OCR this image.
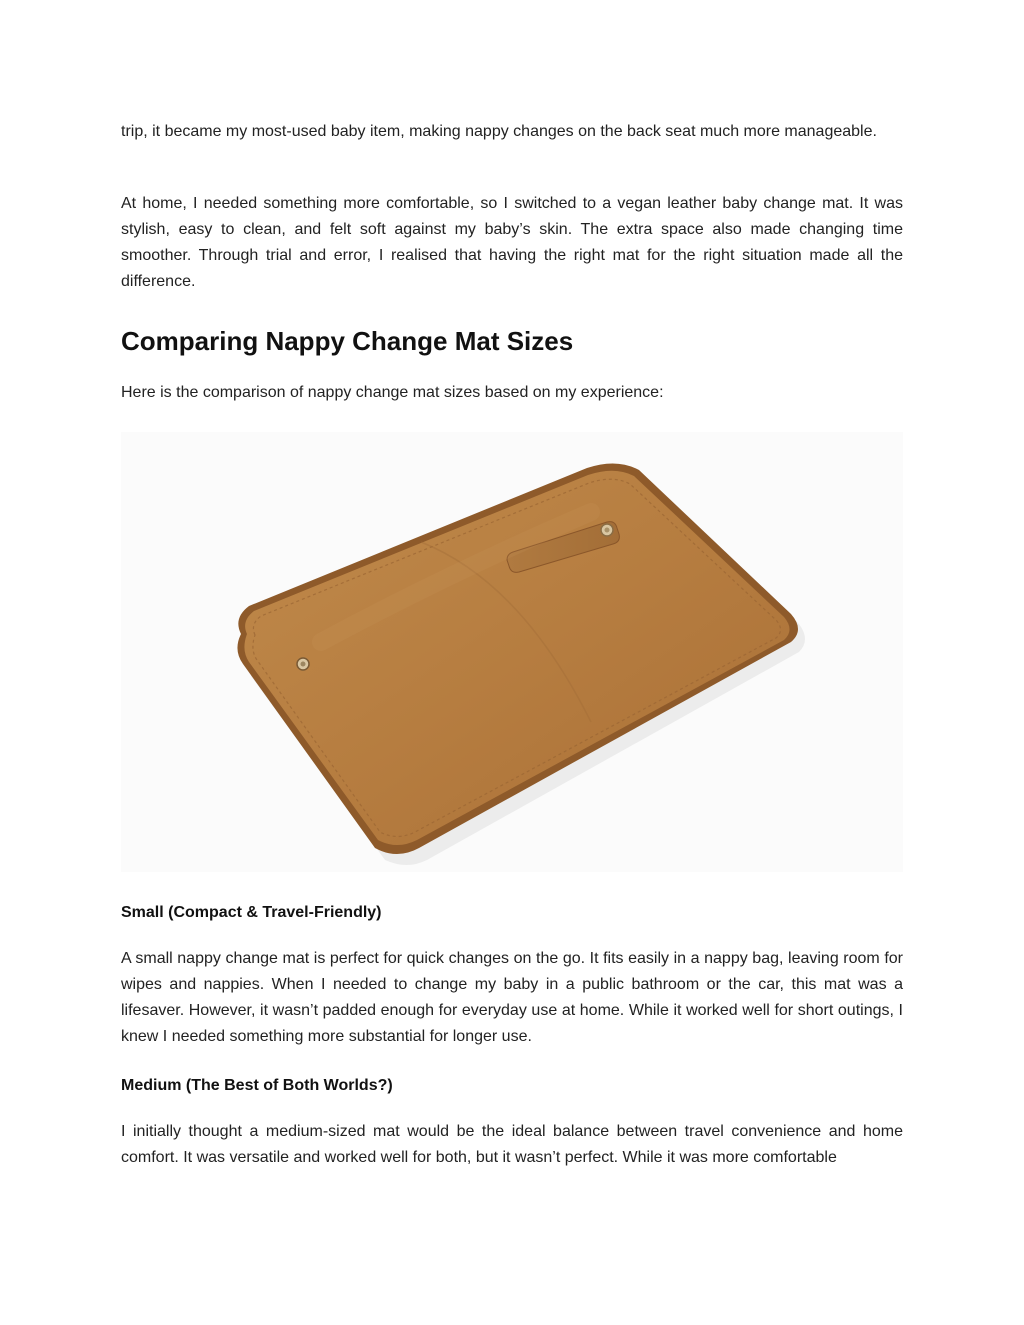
trip, it became my most-used baby item, making nappy changes on the back seat much more manageable.

At home, I needed something more comfortable, so I switched to a vegan leather baby change mat. It was stylish, easy to clean, and felt soft against my baby’s skin. The extra space also made changing time smoother. Through trial and error, I realised that having the right mat for the right situation made all the difference.

Comparing Nappy Change Mat Sizes

Here is the comparison of nappy change mat sizes based on my experience:

Small (Compact & Travel-Friendly)

A small nappy change mat is perfect for quick changes on the go. It fits easily in a nappy bag, leaving room for wipes and nappies. When I needed to change my baby in a public bathroom or the car, this mat was a lifesaver. However, it wasn’t padded enough for everyday use at home. While it worked well for short outings, I knew I needed something more substantial for longer use.

Medium (The Best of Both Worlds?)

I initially thought a medium-sized mat would be the ideal balance between travel convenience and home comfort. It was versatile and worked well for both, but it wasn’t perfect. While it was more comfortable
